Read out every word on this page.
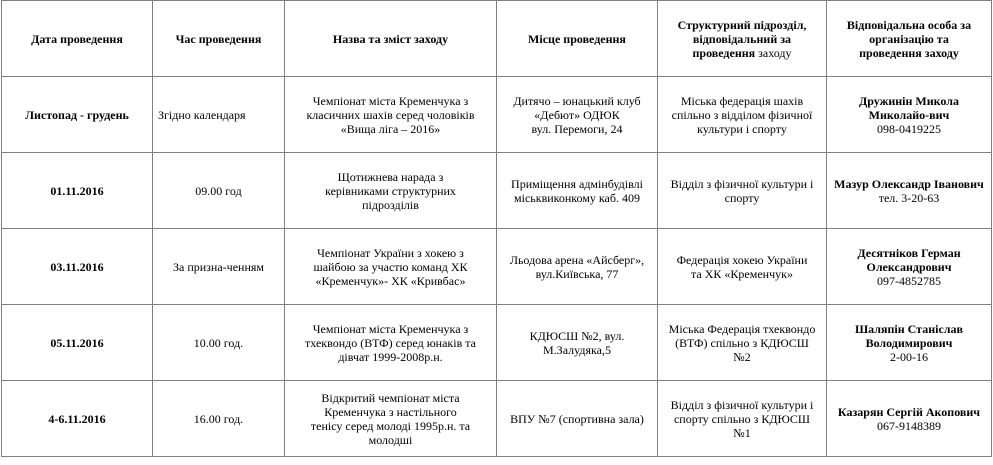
Дата проведення	Час проведення	Назва та зміст заходу	Місце проведення	Структурний підрозділ,
відповідальний за
проведення заходу	Відповідальна особа за організацію та проведення заходу
Листопад - грудень	Згідно календаря	Чемпіонат міста Кременчука з класичних шахів серед чоловіків «Вища ліга – 2016»	Дитячо – юнацький клуб
«Дебют» ОДЮК
вул. Перемоги, 24	Міська федерація шахів спільно з відділом фізичної культури і спорту	Дружинін Микола Миколайо-вич
098-0419225

01.11.2016	09.00 год	Щотижнева нарада з керівниками структурних підрозділів	Приміщення адмінбудівлі
міськвиконкому каб. 409	Відділ з фізичної культури і спорту	Мазур Олександр Іванович
тел. 3-20-63

03.11.2016	За призна-ченням	Чемпіонат України з хокею з шайбою за участю команд ХК «Кременчук»- ХК «Кривбас»	Льодова арена «Айсберг»,
вул.Київська, 77	Федерація хокею України та ХК «Кременчук»	Десятніков Герман Олександрович
097-4852785

05.11.2016	10.00 год.	Чемпіонат міста Кременчука з тхеквондо (ВТФ) серед юнаків та дівчат 1999-2008р.н.	КДЮСШ №2, вул.
М.Залудяка,5	Міська Федерація тхеквондо (ВТФ) спільно з КДЮСШ №2	Шаляпін Станіслав Володимирович
2-00-16

4-6.11.2016	16.00 год.	Відкритий чемпіонат міста Кременчука з настільного тенісу серед молоді 1995р.н. та молодші	ВПУ №7 (спортивна зала)	Відділ з фізичної культури і спорту спільно з КДЮСШ №1	Казарян Сергій Акопович
067-9148389
